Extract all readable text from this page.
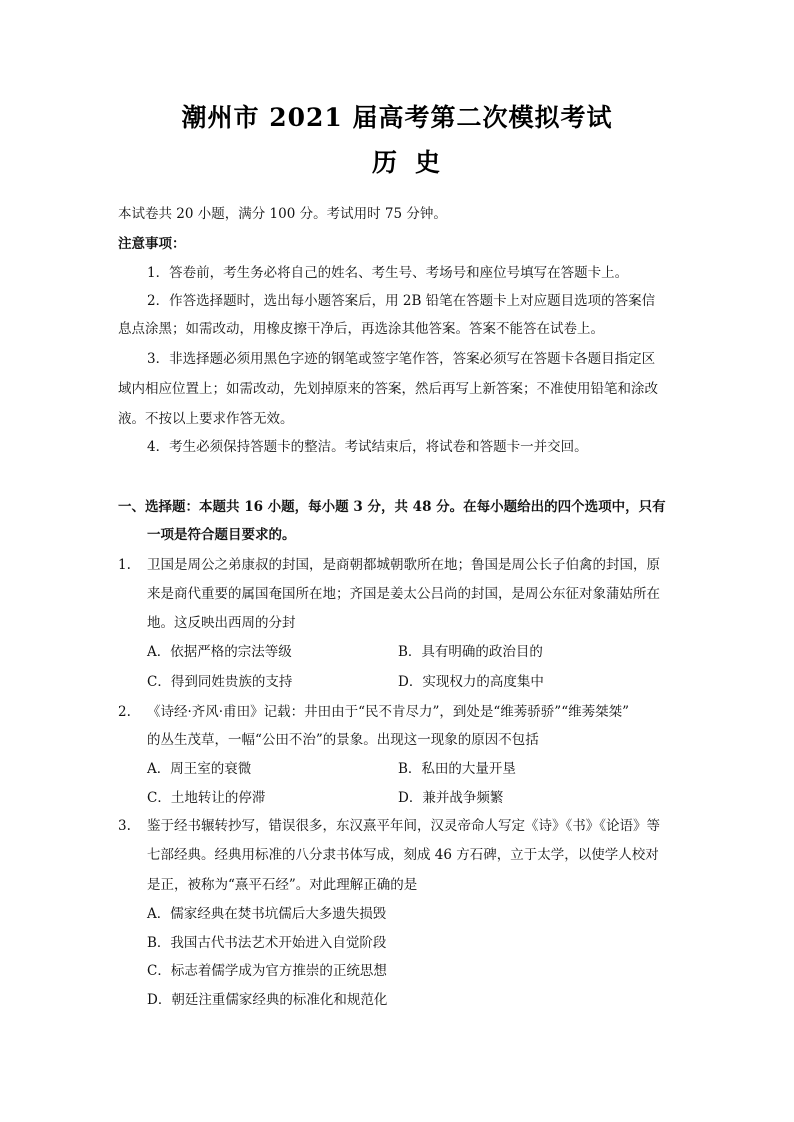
潮州市 2021 届高考第二次模拟考试
历史
本试卷共 20 小题，满分 100 分。考试用时 75 分钟。
注意事项：
1．答卷前，考生务必将自己的姓名、考生号、考场号和座位号填写在答题卡上。
2．作答选择题时，选出每小题答案后，用 2B 铅笔在答题卡上对应题目选项的答案信
息点涂黑；如需改动，用橡皮擦干净后，再选涂其他答案。答案不能答在试卷上。
3．非选择题必须用黑色字迹的钢笔或签字笔作答，答案必须写在答题卡各题目指定区
域内相应位置上；如需改动，先划掉原来的答案，然后再写上新答案；不准使用铅笔和涂改
液。不按以上要求作答无效。
4．考生必须保持答题卡的整洁。考试结束后，将试卷和答题卡一并交回。
一、选择题：本题共 16 小题，每小题 3 分，共 48 分。在每小题给出的四个选项中，只有
一项是符合题目要求的。
1. 卫国是周公之弟康叔的封国，是商朝都城朝歌所在地；鲁国是周公长子伯禽的封国，原
来是商代重要的属国奄国所在地；齐国是姜太公吕尚的封国，是周公东征对象蒲姑所在
地。这反映出西周的分封
A．依据严格的宗法等级	B．具有明确的政治目的
C．得到同姓贵族的支持	D．实现权力的高度集中
2. 《诗经·齐风·甫田》记载：井田由于“民不肯尽力”，到处是“维莠骄骄”“维莠桀桀”
的丛生茂草，一幅“公田不治”的景象。出现这一现象的原因不包括
A．周王室的衰微	B．私田的大量开垦
C．土地转让的停滞	D．兼并战争频繁
3. 鉴于经书辗转抄写，错误很多，东汉熹平年间，汉灵帝命人写定《诗》《书》《论语》等
七部经典。经典用标准的八分隶书体写成，刻成 46 方石碑，立于太学，以使学人校对
是正，被称为“熹平石经”。对此理解正确的是
A．儒家经典在焚书坑儒后大多遗失损毁
B．我国古代书法艺术开始进入自觉阶段
C．标志着儒学成为官方推崇的正统思想
D．朝廷注重儒家经典的标准化和规范化
